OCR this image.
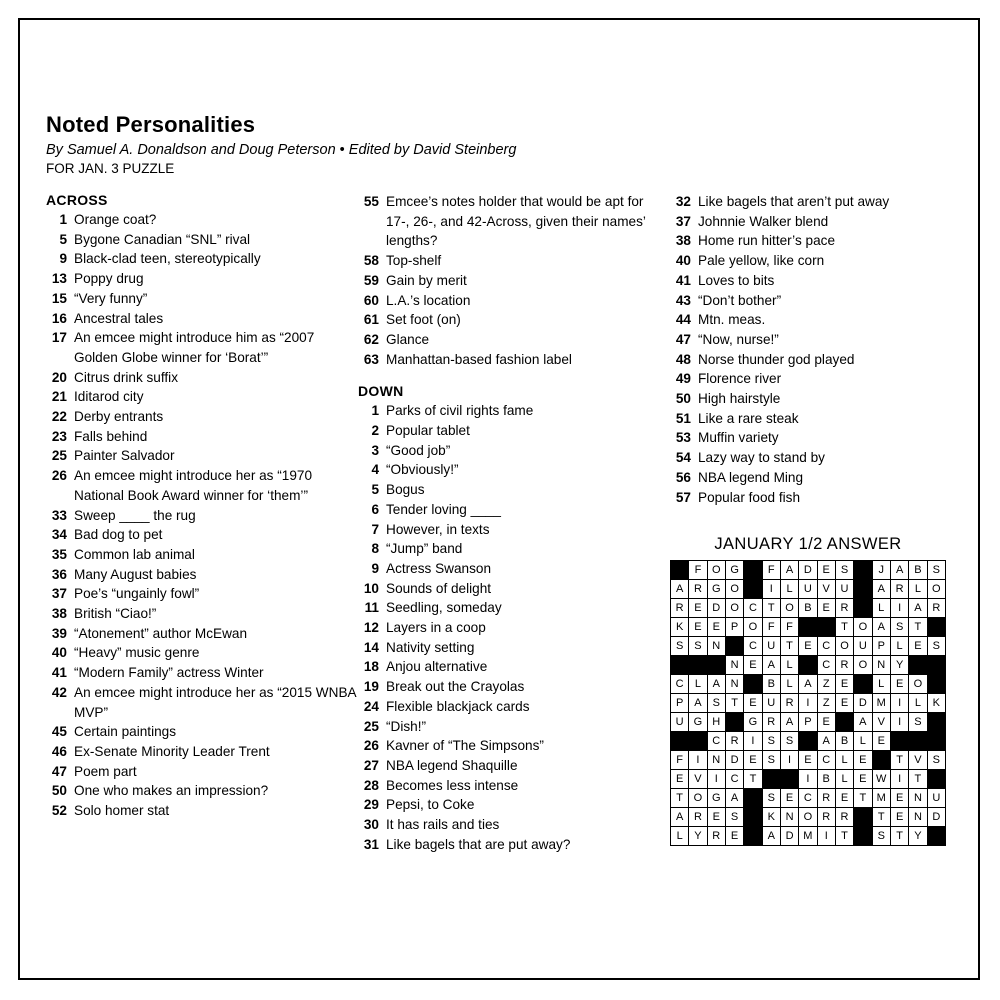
Noted Personalities

By Samuel A. Donaldson and Doug Peterson • Edited by David Steinberg

FOR JAN. 3 PUZZLE

ACROSS
1 Orange coat?
5 Bygone Canadian “SNL” rival
9 Black-clad teen, stereotypically
13 Poppy drug
15 “Very funny”
16 Ancestral tales
17 An emcee might introduce him as “2007 Golden Globe winner for ‘Borat’”
20 Citrus drink suffix
21 Iditarod city
22 Derby entrants
23 Falls behind
25 Painter Salvador
26 An emcee might introduce her as “1970 National Book Award winner for ‘them’”
33 Sweep ____ the rug
34 Bad dog to pet
35 Common lab animal
36 Many August babies
37 Poe’s “ungainly fowl”
38 British “Ciao!”
39 “Atonement” author McEwan
40 “Heavy” music genre
41 “Modern Family” actress Winter
42 An emcee might introduce her as “2015 WNBA MVP”
45 Certain paintings
46 Ex-Senate Minority Leader Trent
47 Poem part
50 One who makes an impression?
52 Solo homer stat
55 Emcee’s notes holder that would be apt for 17-, 26-, and 42-Across, given their names’ lengths?
58 Top-shelf
59 Gain by merit
60 L.A.’s location
61 Set foot (on)
62 Glance
63 Manhattan-based fashion label
DOWN
1 Parks of civil rights fame
2 Popular tablet
3 “Good job”
4 “Obviously!”
5 Bogus
6 Tender loving ____
7 However, in texts
8 “Jump” band
9 Actress Swanson
10 Sounds of delight
11 Seedling, someday
12 Layers in a coop
14 Nativity setting
18 Anjou alternative
19 Break out the Crayolas
24 Flexible blackjack cards
25 “Dish!”
26 Kavner of “The Simpsons”
27 NBA legend Shaquille
28 Becomes less intense
29 Pepsi, to Coke
30 It has rails and ties
31 Like bagels that are put away?
32 Like bagels that aren’t put away
37 Johnnie Walker blend
38 Home run hitter’s pace
40 Pale yellow, like corn
41 Loves to bits
43 “Don’t bother”
44 Mtn. meas.
47 “Now, nurse!”
48 Norse thunder god played
49 Florence river
50 High hairstyle
51 Like a rare steak
53 Muffin variety
54 Lazy way to stand by
56 NBA legend Ming
57 Popular food fish
JANUARY 1/2 ANSWER
	F	O	G		F	A	D	E	S		J	A	B	S
A	R	G	O		I	L	U	V	U		A	R	L	O
R	E	D	O	C	T	O	B	E	R		L	I	A	R
K	E	E	P	O	F	F			T	O	A	S	T	
S	S	N		C	U	T	E	C	O	U	P	L	E	S
			N	E	A	L		C	R	O	N	Y		
C	L	A	N		B	L	A	Z	E		L	E	O	
P	A	S	T	E	U	R	I	Z	E	D	M	I	L	K
U	G	H		G	R	A	P	E		A	V	I	S	
		C	R	I	S	S		A	B	L	E			
F	I	N	D	E	S	I	E	C	L	E		T	V	S
E	V	I	C	T			I	B	L	E	W	I	T	
T	O	G	A		S	E	C	R	E	T	M	E	N	U
A	R	E	S		K	N	O	R	R		T	E	N	D
L	Y	R	E		A	D	M	I	T		S	T	Y	
